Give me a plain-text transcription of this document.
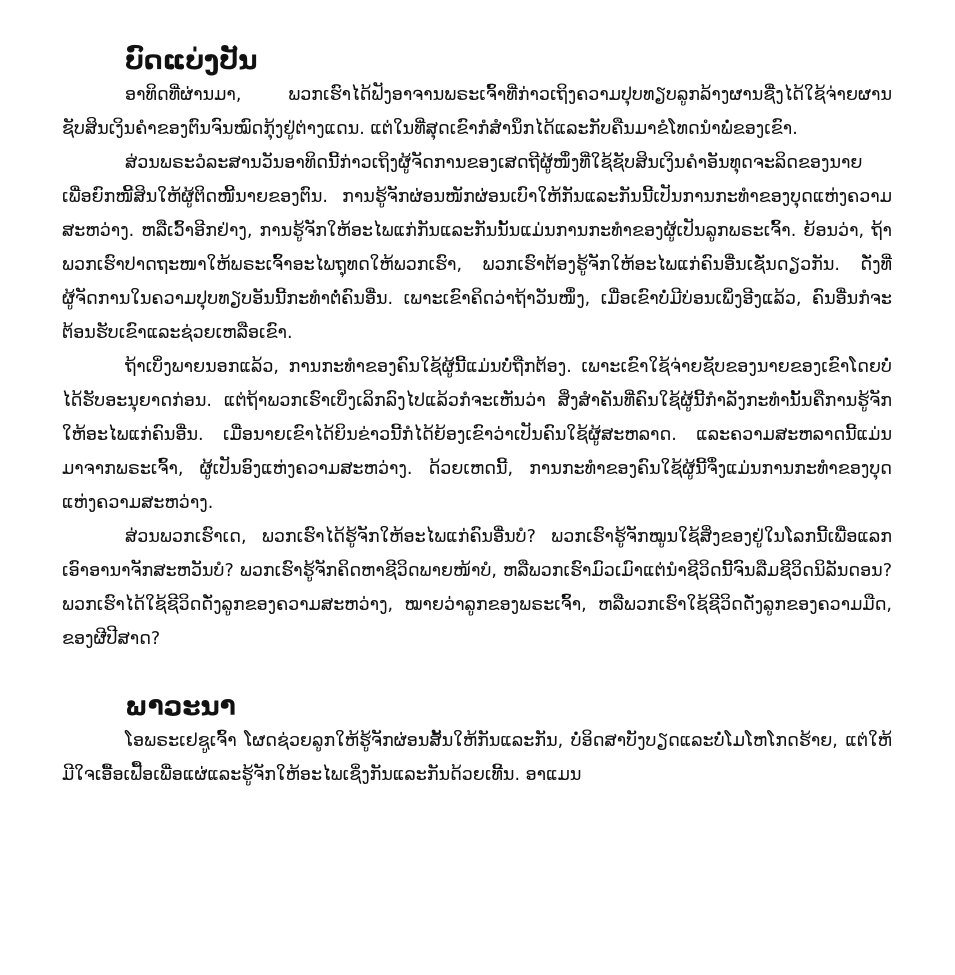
ບົດແບ່ງປັນ

ອາທິດທີ່ຜ່ານມາ, ພວກເຮົາໄດ້ຟັງອາຈານພຣະເຈົ້າທີ່ກ່າວເຖິງຄວາມປຸບທຽບລູກລ້າງຜານຊື່ງໄດ້ໃຊ້ຈ່າຍຜານຊັບສິນເງິນຄຳຂອງຕົນຈົນໝົດກຸ້ງຢູ່ຕ່າງແດນ. ແຕ່ໃນທີ່ສຸດເຂົາກໍສຳນຶກໄດ້ແລະກັບຄືນມາຂໍໂທດນຳພໍ່ຂອງເຂົາ.

ສ່ວນພຣະວໍລະສານວັນອາທິດນີ້ກ່າວເຖິງຜູ້ຈັດການຂອງເສດຖີຜູ້ໜຶ່ງທີ່ໃຊ້ຊັບສິນເງິນຄຳອັນທຸດຈະລິດຂອງນາຍ ເພື່ອຍົກໜີ້ສິນໃຫ້ຜູ້ຕິດໜີ້ນາຍຂອງຕົນ. ການຮູ້ຈັກຜ່ອນໜັກຜ່ອນເບົາໃຫ້ກັນແລະກັນນີ້ເປັນການກະທຳຂອງບຸດແຫ່ງຄວາມສະຫວ່າງ. ຫລືເວົ້າອີກຢ່າງ, ການຮູ້ຈັກໃຫ້ອະໄພແກ່ກັນແລະກັນນັ້ນແມ່ນການກະທຳຂອງຜູ້ເປັນລູກພຣະເຈົ້າ. ຍ້ອນວ່າ, ຖ້າພວກເຮົາປາດຖະໜາໃຫ້ພຣະເຈົ້າອະໄພຖຸທດໃຫ້ພວກເຮົາ, ພວກເຮົາຕ້ອງຮູ້ຈັກໃຫ້ອະໄພແກ່ຄົນອື່ນເຊັ່ນດຽວກັນ. ດັ່ງທີ່ຜູ້ຈັດການໃນຄວາມປຸບທຽບອັນນີ້ກະທຳຕໍ່ຄົນອື່ນ. ເພາະເຂົາຄິດວ່າຖ້າວັນໜຶ່ງ, ເມື່ອເຂົາບໍ່ມີບ່ອນເພິ່ງອີງແລ້ວ, ຄົນອື່ນກໍຈະຕ້ອນຮັບເຂົາແລະຊ່ວຍເຫລືອເຂົາ.

ຖ້າເບິ່ງພາຍນອກແລ້ວ, ການກະທຳຂອງຄົນໃຊ້ຜູ້ນີ້ແມ່ນບໍ່ຖືກຕ້ອງ. ເພາະເຂົາໃຊ້ຈ່າຍຊັບຂອງນາຍຂອງເຂົາໂດຍບໍ່ໄດ້ຮັບອະນຸຍາດກ່ອນ. ແຕ່ຖ້າພວກເຮົາເບິ່ງເລິກລົງໄປແລ້ວກໍຈະເຫັນວ່າ ສິ່ງສຳຄັນທີ່ຄົນໃຊ້ຜູ້ນີ້ກຳລັງກະທຳນັ້ນຄືການຮູ້ຈັກໃຫ້ອະໄພແກ່ຄົນອື່ນ. ເມື່ອນາຍເຂົາໄດ້ຍິນຂ່າວນີ້ກໍໄດ້ຍ້ອງເຂົາວ່າເປັນຄົນໃຊ້ຜູ້ສະຫລາດ. ແລະຄວາມສະຫລາດນີ້ແມ່ນມາຈາກພຣະເຈົ້າ, ຜູ້ເປັນອົງແຫ່ງຄວາມສະຫວ່າງ. ດ້ວຍເຫດນີ້, ການກະທຳຂອງຄົນໃຊ້ຜູ້ນີ້ຈຶ່ງແມ່ນການກະທຳຂອງບຸດແຫ່ງຄວາມສະຫວ່າງ.

ສ່ວນພວກເຮົາເດ, ພວກເຮົາໄດ້ຮູ້ຈັກໃຫ້ອະໄພແກ່ຄົນອື່ນບໍ? ພວກເຮົາຮູ້ຈັກໝູນໃຊ້ສິ່ງຂອງຢູ່ໃນໂລກນີ້ເພື່ອແລກເອົາອານາຈັກສະຫວັນບໍ? ພວກເຮົາຮູ້ຈັກຄິດຫາຊີວິດພາຍໜ້າບໍ, ຫລືພວກເຮົາມົວເມົາແຕ່ນຳຊີວິດນີ້ຈົນລືມຊີວິດນິລັນດອນ? ພວກເຮົາໄດ້ໃຊ້ຊີວິດດັ່ງລູກຂອງຄວາມສະຫວ່າງ, ໝາຍວ່າລູກຂອງພຣະເຈົ້າ, ຫລືພວກເຮົາໃຊ້ຊີວິດດັ່ງລູກຂອງຄວາມມືດ, ຂອງຜີປີສາດ?

ພາວະນາ

ໂອພຣະເຢຊູເຈົ້າ ໂຜດຊ່ວຍລູກໃຫ້ຮູ້ຈັກຜ່ອນສັ້ນໃຫ້ກັນແລະກັນ, ບໍ່ອິດສາບັງບຽດແລະບໍ່ໂມໂຫໂກດຮ້າຍ, ແຕ່ໃຫ້ມີໃຈເອື້ອເຟື້ອເພື່ອແຜ່ແລະຮູ້ຈັກໃຫ້ອະໄພເຊິ່ງກັນແລະກັນດ້ວຍເທີ້ນ. ອາແມນ
